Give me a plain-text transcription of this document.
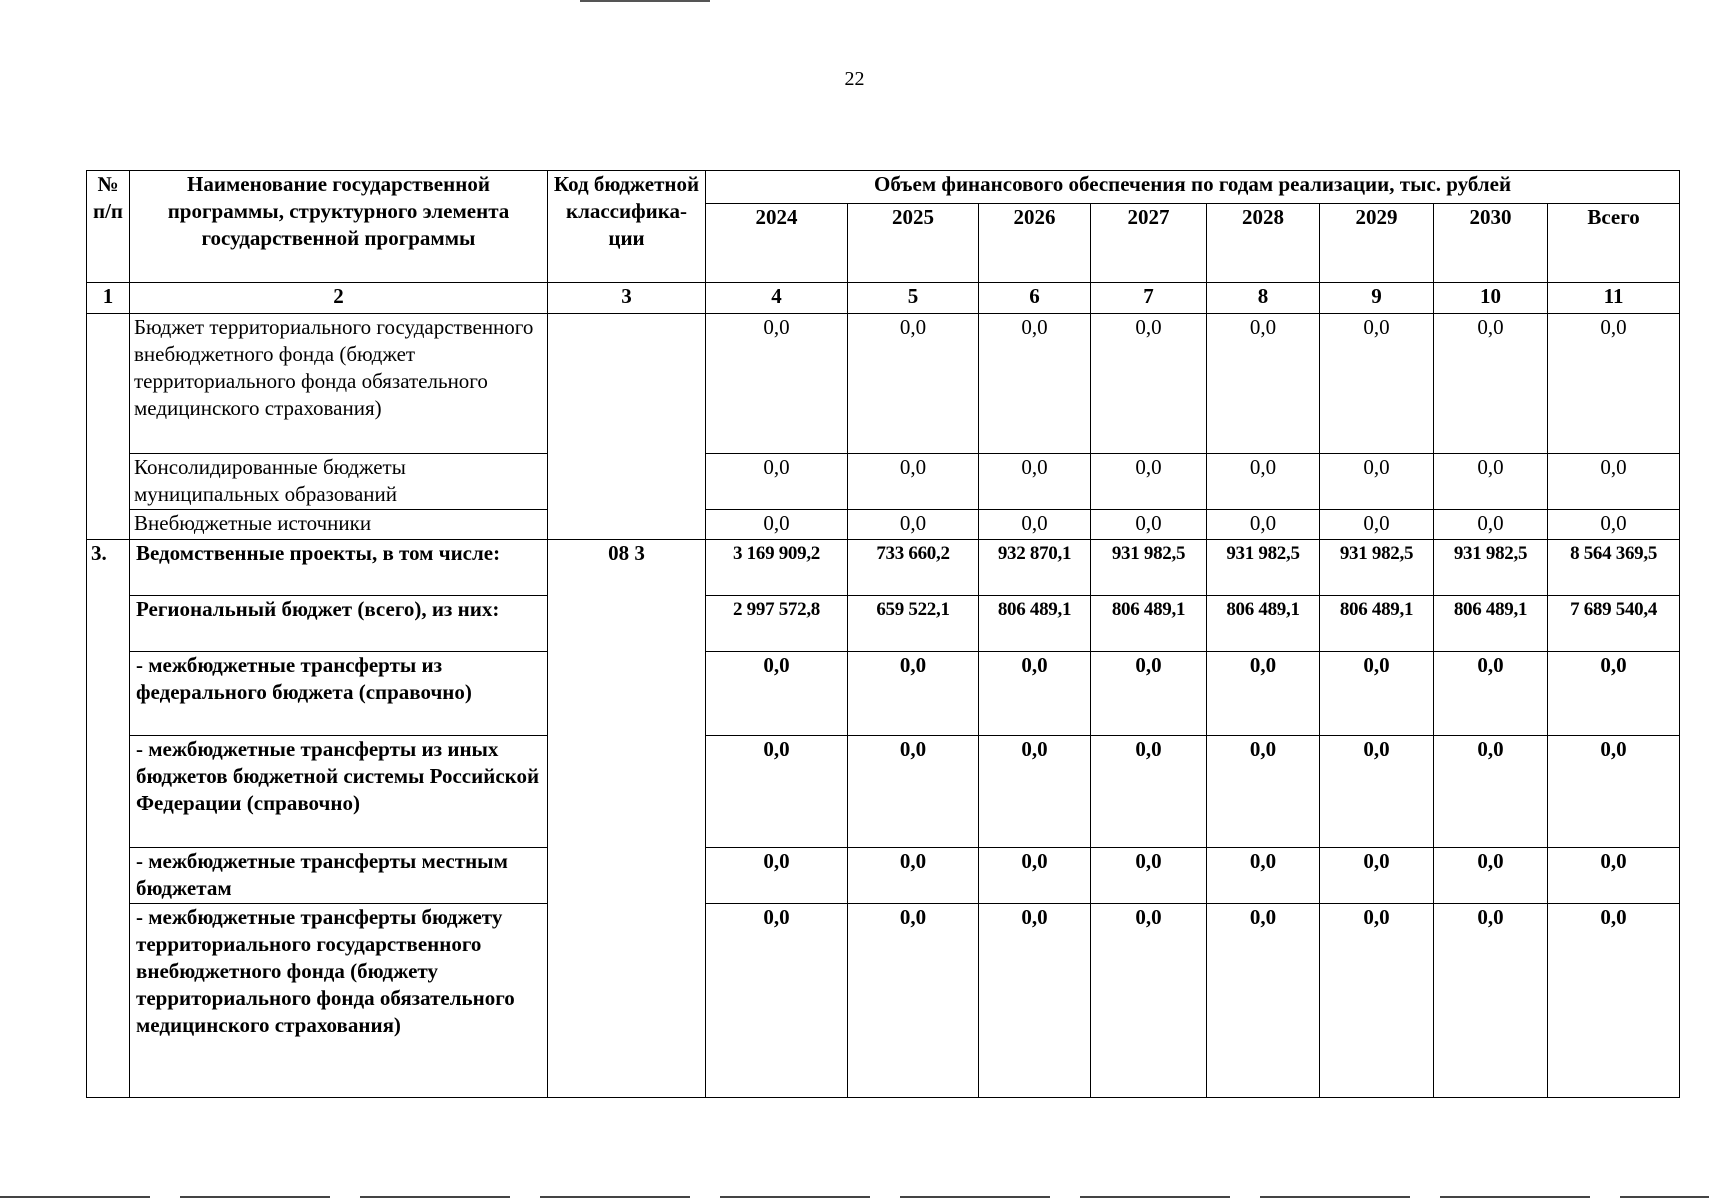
22
№ п/п	Наименование государственной программы, структурного элемента государственной программы	Код бюджетной классифика-ции	Объем финансового обеспечения по годам реализации, тыс. рублей							
			2024	2025	2026	2027	2028	2029	2030	Всего
1	2	3	4	5	6	7	8	9	10	11
	Бюджет территориального государственного внебюджетного фонда (бюджет территориального фонда обязательного медицинского страхования)		0,0	0,0	0,0	0,0	0,0	0,0	0,0	0,0
	Консолидированные бюджеты муниципальных образований		0,0	0,0	0,0	0,0	0,0	0,0	0,0	0,0
	Внебюджетные источники		0,0	0,0	0,0	0,0	0,0	0,0	0,0	0,0
3.	Ведомственные проекты, в том числе:	08 3	3 169 909,2	733 660,2	932 870,1	931 982,5	931 982,5	931 982,5	931 982,5	8 564 369,5
	Региональный бюджет (всего), из них:		2 997 572,8	659 522,1	806 489,1	806 489,1	806 489,1	806 489,1	806 489,1	7 689 540,4
	- межбюджетные трансферты из федерального бюджета (справочно)		0,0	0,0	0,0	0,0	0,0	0,0	0,0	0,0
	- межбюджетные трансферты из иных бюджетов бюджетной системы Российской Федерации (справочно)		0,0	0,0	0,0	0,0	0,0	0,0	0,0	0,0
	- межбюджетные трансферты местным бюджетам		0,0	0,0	0,0	0,0	0,0	0,0	0,0	0,0
	- межбюджетные трансферты бюджету территориального государственного внебюджетного фонда (бюджету территориального фонда обязательного медицинского страхования)		0,0	0,0	0,0	0,0	0,0	0,0	0,0	0,0
